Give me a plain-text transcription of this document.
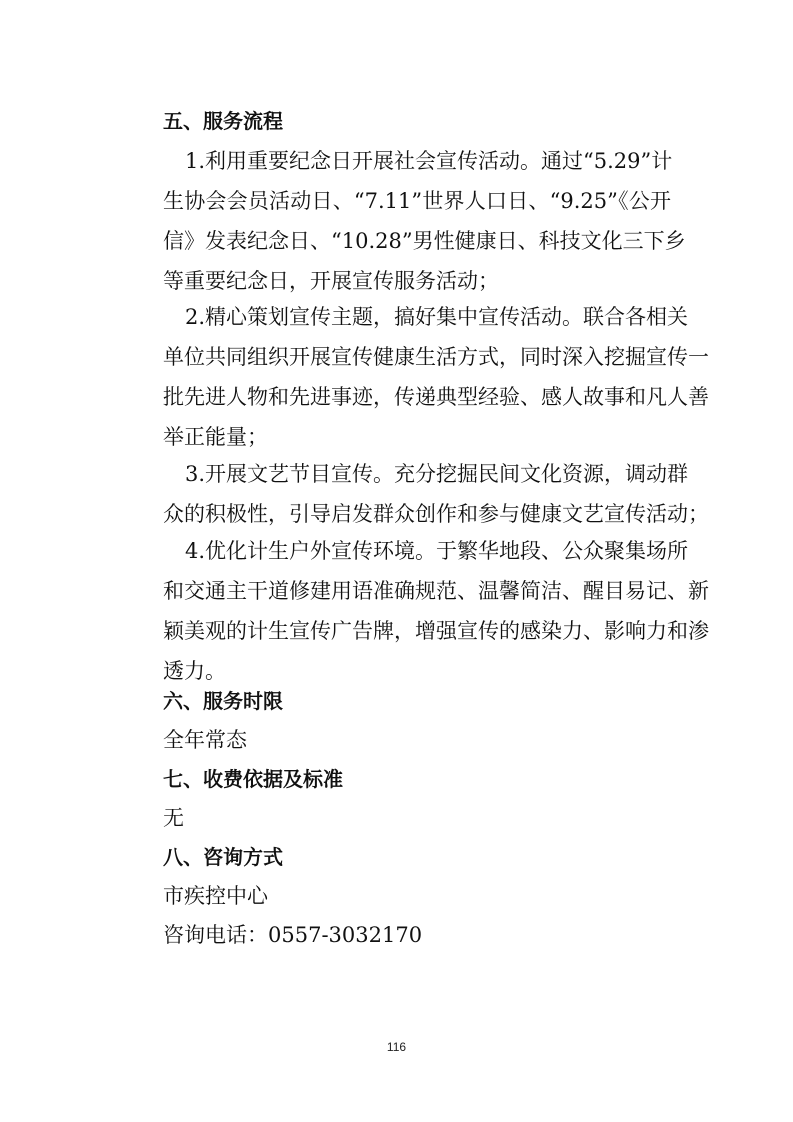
五、服务流程
1.利用重要纪念日开展社会宣传活动。通过“5.29”计
生协会会员活动日、“7.11”世界人口日、“9.25”《公开
信》发表纪念日、“10.28”男性健康日、科技文化三下乡
等重要纪念日，开展宣传服务活动；
2.精心策划宣传主题，搞好集中宣传活动。联合各相关
单位共同组织开展宣传健康生活方式，同时深入挖掘宣传一
批先进人物和先进事迹，传递典型经验、感人故事和凡人善
举正能量；
3.开展文艺节目宣传。充分挖掘民间文化资源，调动群
众的积极性，引导启发群众创作和参与健康文艺宣传活动；
4.优化计生户外宣传环境。于繁华地段、公众聚集场所
和交通主干道修建用语准确规范、温馨简洁、醒目易记、新
颖美观的计生宣传广告牌，增强宣传的感染力、影响力和渗
透力。
六、服务时限
全年常态
七、收费依据及标准
无
八、咨询方式
市疾控中心
咨询电话：0557-3032170
116
